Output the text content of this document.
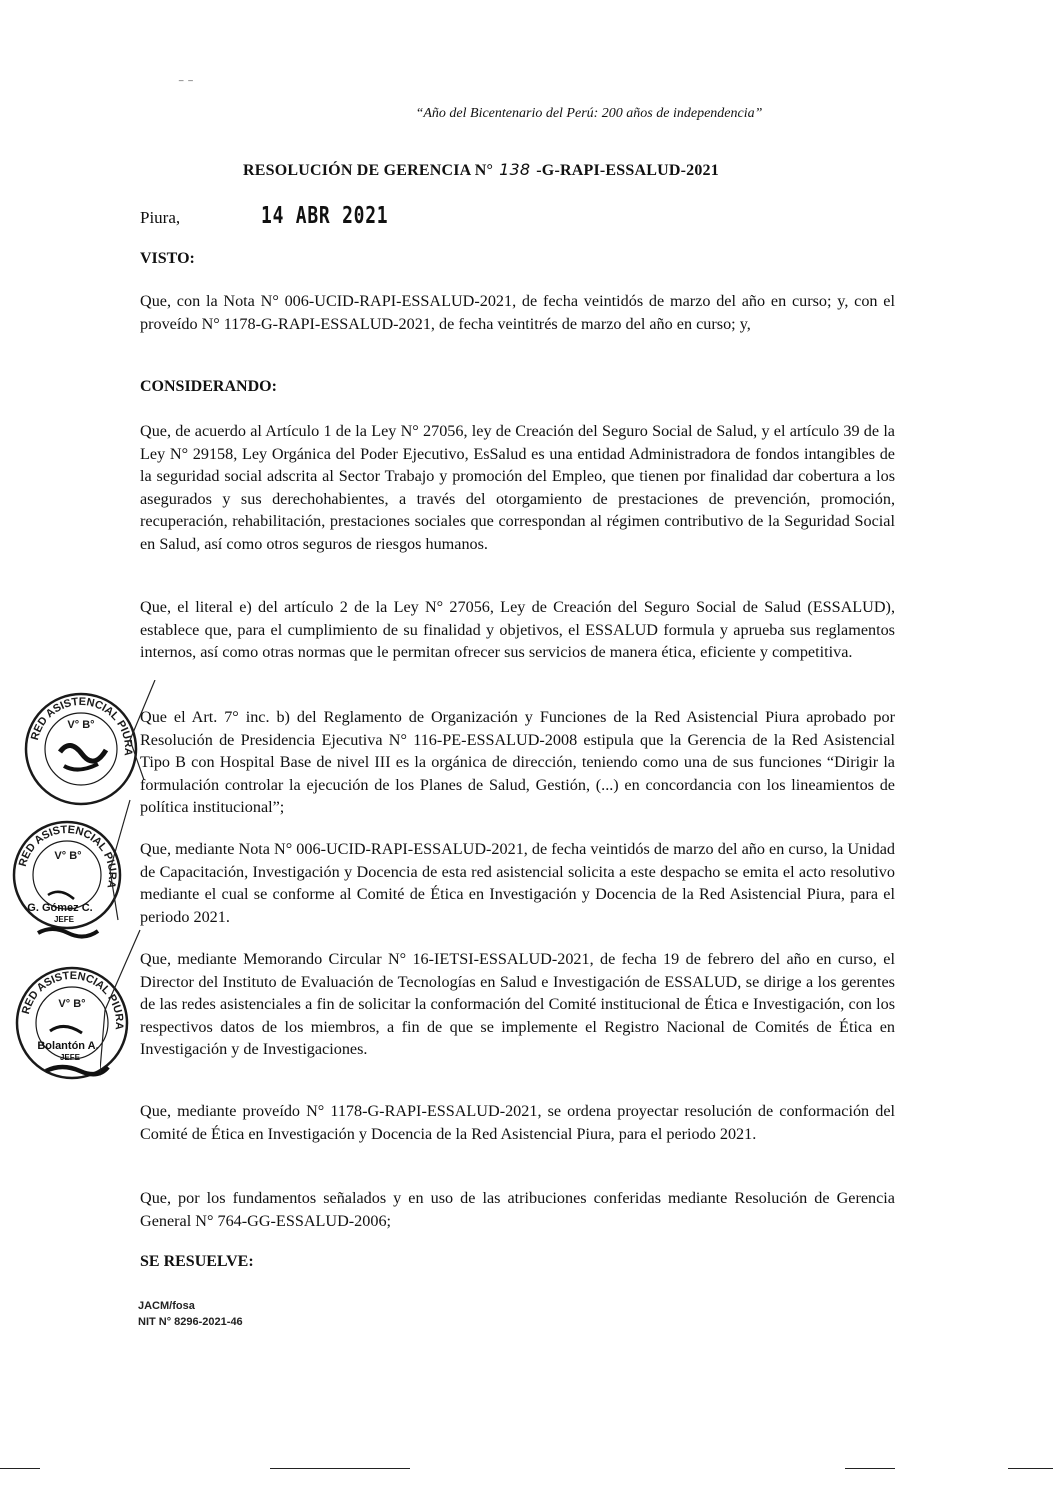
“Año del Bicentenario del Perú: 200 años de independencia”
RESOLUCIÓN DE GERENCIA N° 138 -G-RAPI-ESSALUD-2021
Piura,	14 ABR 2021
VISTO:

Que, con la Nota N° 006-UCID-RAPI-ESSALUD-2021, de fecha veintidós de marzo del año en curso; y, con el proveído N° 1178-G-RAPI-ESSALUD-2021, de fecha veintitrés de marzo del año en curso; y,

CONSIDERANDO:

Que, de acuerdo al Artículo 1 de la Ley N° 27056, ley de Creación del Seguro Social de Salud, y el artículo 39 de la Ley N° 29158, Ley Orgánica del Poder Ejecutivo, EsSalud es una entidad Administradora de fondos intangibles de la seguridad social adscrita al Sector Trabajo y promoción del Empleo, que tienen por finalidad dar cobertura a los asegurados y sus derechohabientes, a través del otorgamiento de prestaciones de prevención, promoción, recuperación, rehabilitación, prestaciones sociales que correspondan al régimen contributivo de la Seguridad Social en Salud, así como otros seguros de riesgos humanos.

Que, el literal e) del artículo 2 de la Ley N° 27056, Ley de Creación del Seguro Social de Salud (ESSALUD), establece que, para el cumplimiento de su finalidad y objetivos, el ESSALUD formula y aprueba sus reglamentos internos, así como otras normas que le permitan ofrecer sus servicios de manera ética, eficiente y competitiva.

Que el Art. 7° inc. b) del Reglamento de Organización y Funciones de la Red Asistencial Piura aprobado por Resolución de Presidencia Ejecutiva N° 116-PE-ESSALUD-2008 estipula que la Gerencia de la Red Asistencial Tipo B con Hospital Base de nivel III es la orgánica de dirección, teniendo como una de sus funciones “Dirigir la formulación controlar la ejecución de los Planes de Salud, Gestión, (...) en concordancia con los lineamientos de política institucional”;

Que, mediante Nota N° 006-UCID-RAPI-ESSALUD-2021, de fecha veintidós de marzo del año en curso, la Unidad de Capacitación, Investigación y Docencia de esta red asistencial solicita a este despacho se emita el acto resolutivo mediante el cual se conforme al Comité de Ética en Investigación y Docencia de la Red Asistencial Piura, para el periodo 2021.

Que, mediante Memorando Circular N° 16-IETSI-ESSALUD-2021, de fecha 19 de febrero del año en curso, el Director del Instituto de Evaluación de Tecnologías en Salud e Investigación de ESSALUD, se dirige a los gerentes de las redes asistenciales a fin de solicitar la conformación del Comité institucional de Ética e Investigación, con los respectivos datos de los miembros, a fin de que se implemente el Registro Nacional de Comités de Ética en Investigación y de Investigaciones.

Que, mediante proveído N° 1178-G-RAPI-ESSALUD-2021, se ordena proyectar resolución de conformación del Comité de Ética en Investigación y Docencia de la Red Asistencial Piura, para el periodo 2021.

Que, por los fundamentos señalados y en uso de las atribuciones conferidas mediante Resolución de Gerencia General N° 764-GG-ESSALUD-2006;

SE RESUELVE:
JACM/fosa
NIT N° 8296-2021-46
RED ASISTENCIAL PIURA
V° B°
RED ASISTENCIAL PIURA
V° B°
G. Gómez C.
JEFE
RED ASISTENCIAL PIURA
V° B°
Bolantón A.
JEFE
⁻ ⁻
